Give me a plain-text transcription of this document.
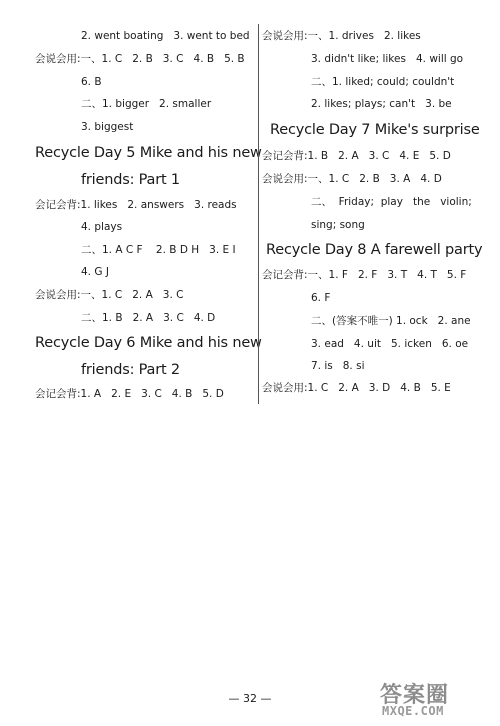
2. went boating   3. went to bed
会说会用:一、1. C   2. B   3. C   4. B   5. B
6. B
二、1. bigger   2. smaller
3. biggest
Recycle Day 5 Mike and his new
friends: Part 1
会记会背:1. likes   2. answers   3. reads
4. plays
二、1. A C F    2. B D H   3. E I
4. G J
会说会用:一、1. C   2. A   3. C
二、1. B   2. A   3. C   4. D
Recycle Day 6 Mike and his new
friends: Part 2
会记会背:1. A   2. E   3. C   4. B   5. D
会说会用:一、1. drives   2. likes
3. didn't like; likes   4. will go
二、1. liked; could; couldn't
2. likes; plays; can't   3. be
Recycle Day 7 Mike's surprise
会记会背:1. B   2. A   3. C   4. E   5. D
会说会用:一、1. C   2. B   3. A   4. D
二、  Friday;  play   the   violin;
sing; song
Recycle Day 8 A farewell party
会记会背:一、1. F   2. F   3. T   4. T   5. F
6. F
二、(答案不唯一) 1. ock   2. ane
3. ead   4. uit   5. icken   6. oe
7. is   8. si
会说会用:1. C   2. A   3. D   4. B   5. E
— 32 —	答案圈
MXQE.COM
